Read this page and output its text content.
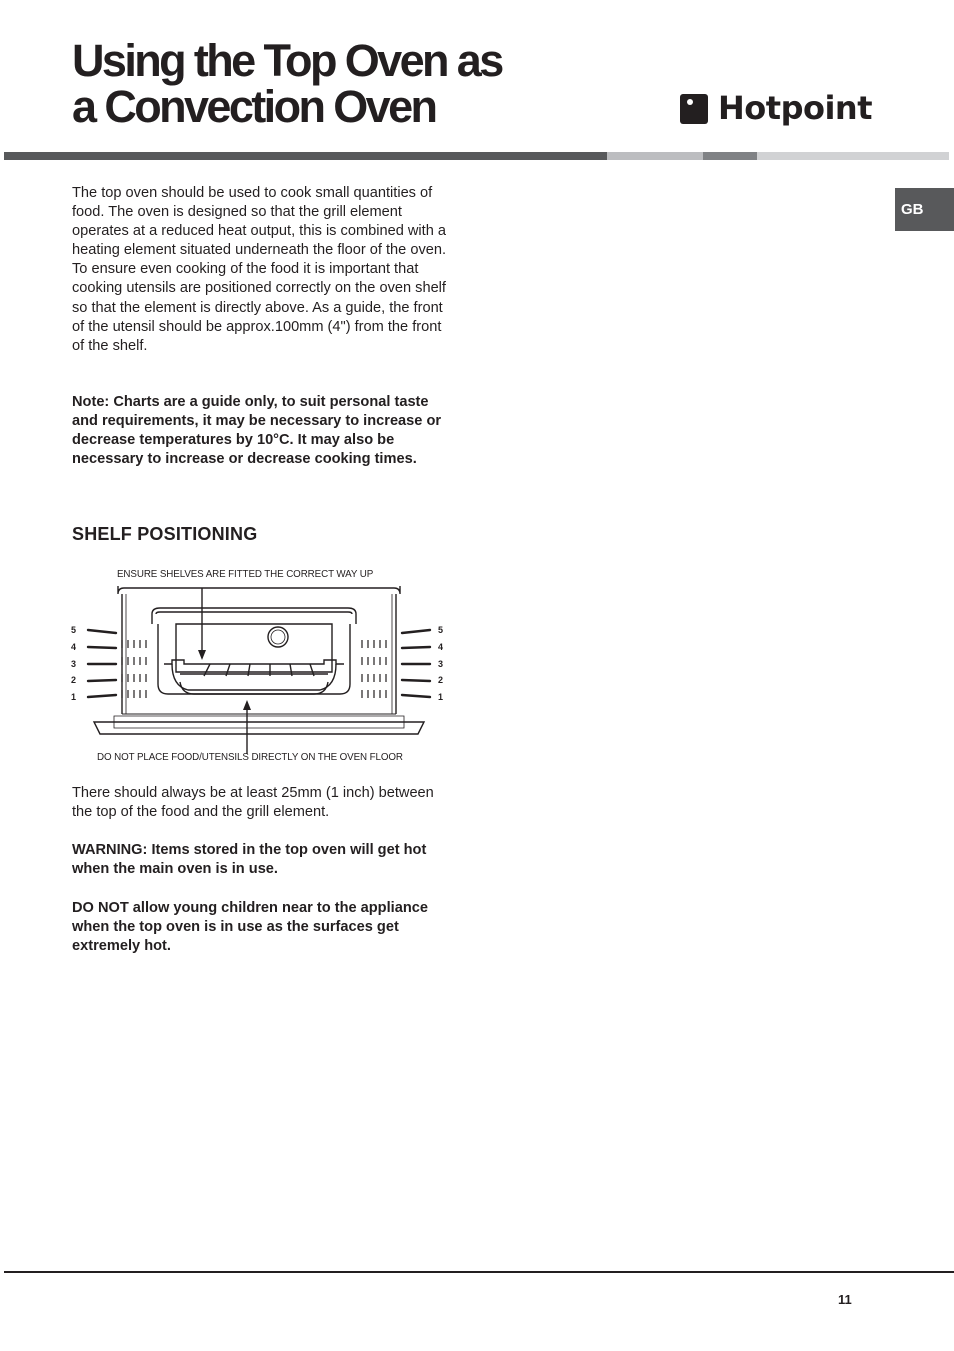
Using the Top Oven as
a Convection Oven	Hotpoint
GB

The top oven should be used to cook small quantities of food. The oven is designed so that the grill element operates at a reduced heat output, this is combined with a heating element situated underneath the floor of the oven. To ensure even cooking of the food it is important that cooking utensils are positioned correctly on the oven shelf so that the element is directly above. As a guide, the front of the utensil should be approx.100mm (4") from the front of the shelf.

Note: Charts are a guide only, to suit personal taste and requirements, it may be necessary to increase or decrease temperatures by 10°C. It may also be necessary to increase or decrease cooking times.

SHELF POSITIONING
ENSURE SHELVES ARE FITTED THE CORRECT WAY UP
DO NOT PLACE FOOD/UTENSILS DIRECTLY ON THE OVEN FLOOR
5
4
3
2
1
5
4
3
2
1

There should always be at least 25mm (1 inch) between the top of the food and the grill element.

WARNING: Items stored in the top oven will get hot when the main oven is in use.

DO NOT allow young children near to the appliance when the top oven is in use as the surfaces get extremely hot.

11
